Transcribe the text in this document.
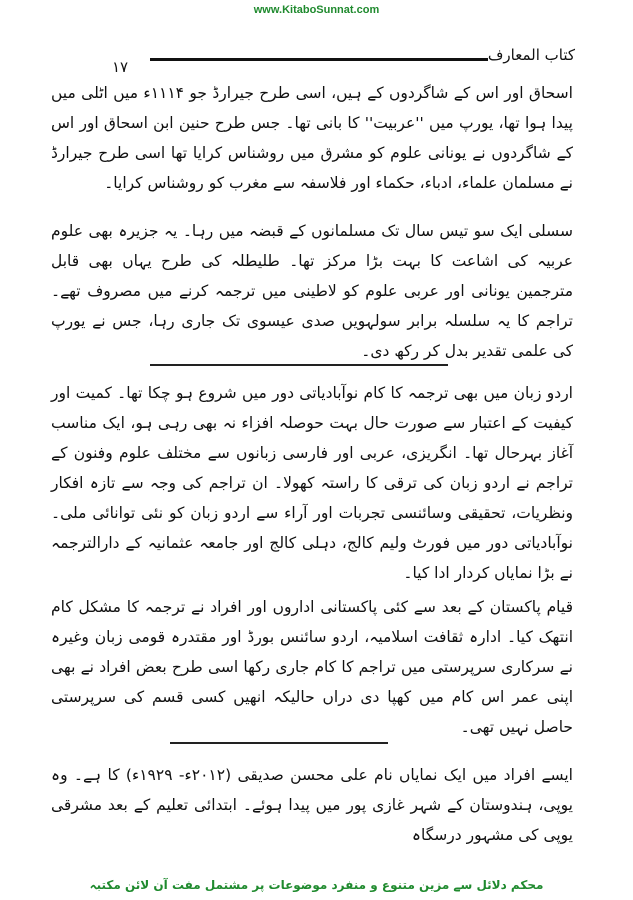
www.KitaboSunnat.com
کتاب المعارف
۱۷

اسحاق اور اس کے شاگردوں کے ہیں، اسی طرح جیرارڈ جو ۱۱۱۴ء میں اٹلی میں پیدا ہوا تھا، یورپ میں ''عربیت'' کا بانی تھا۔ جس طرح حنین ابن اسحاق اور اس کے شاگردوں نے یونانی علوم کو مشرق میں روشناس کرایا تھا اسی طرح جیرارڈ نے مسلمان علماء، ادباء، حکماء اور فلاسفہ سے مغرب کو روشناس کرایا۔

سسلی ایک سو تیس سال تک مسلمانوں کے قبضہ میں رہا۔ یہ جزیرہ بھی علوم عربیہ کی اشاعت کا بہت بڑا مرکز تھا۔ طلیطلہ کی طرح یہاں بھی قابل مترجمین یونانی اور عربی علوم کو لاطینی میں ترجمہ کرنے میں مصروف تھے۔ تراجم کا یہ سلسلہ برابر سولہویں صدی عیسوی تک جاری رہا، جس نے یورپ کی علمی تقدیر بدل کر رکھ دی۔

اردو زبان میں بھی ترجمہ کا کام نوآبادیاتی دور میں شروع ہو چکا تھا۔ کمیت اور کیفیت کے اعتبار سے صورت حال بہت حوصلہ افزاء نہ بھی رہی ہو، ایک مناسب آغاز بہرحال تھا۔ انگریزی، عربی اور فارسی زبانوں سے مختلف علوم وفنون کے تراجم نے اردو زبان کی ترقی کا راستہ کھولا۔ ان تراجم کی وجہ سے تازہ افکار ونظریات، تحقیقی وسائنسی تجربات اور آراء سے اردو زبان کو نئی توانائی ملی۔ نوآبادیاتی دور میں فورٹ ولیم کالج، دہلی کالج اور جامعہ عثمانیہ کے دارالترجمہ نے بڑا نمایاں کردار ادا کیا۔

قیام پاکستان کے بعد سے کئی پاکستانی اداروں اور افراد نے ترجمہ کا مشکل کام انتھک کیا۔ ادارہ ثقافت اسلامیہ، اردو سائنس بورڈ اور مقتدرہ قومی زبان وغیرہ نے سرکاری سرپرستی میں تراجم کا کام جاری رکھا اسی طرح بعض افراد نے بھی اپنی عمر اس کام میں کھپا دی دراں حالیکہ انھیں کسی قسم کی سرپرستی حاصل نہیں تھی۔

ایسے افراد میں ایک نمایاں نام علی محسن صدیقی (۲۰۱۲ء- ۱۹۲۹ء) کا ہے۔ وہ یوپی، ہندوستان کے شہر غازی پور میں پیدا ہوئے۔ ابتدائی تعلیم کے بعد مشرقی یوپی کی مشہور درسگاہ

محکم دلائل سے مزین متنوع و منفرد موضوعات پر مشتمل مفت آن لائن مکتبہ
